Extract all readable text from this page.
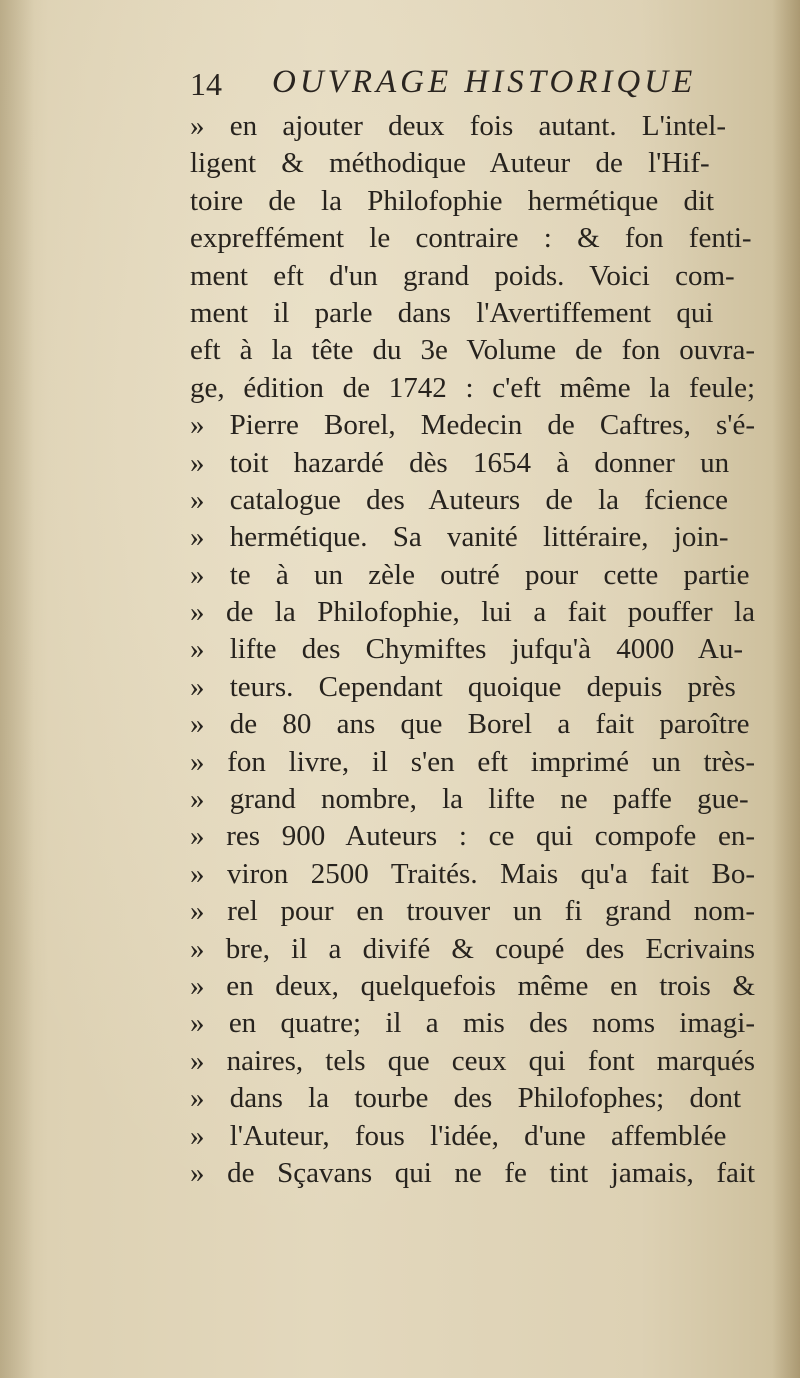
14 OUVRAGE HISTORIQUE
» en ajouter deux fois autant. L'intel-
ligent & méthodique Auteur de l'Hif-
toire de la Philofophie hermétique dit
expreffément le contraire : & fon fenti-
ment eft d'un grand poids. Voici com-
ment il parle dans l'Avertiffement qui
eft à la tête du 3e Volume de fon ouvra-
ge, édition de 1742 : c'eft même la feule;
» Pierre Borel, Medecin de Caftres, s'é-
» toit hazardé dès 1654 à donner un
» catalogue des Auteurs de la fcience
» hermétique. Sa vanité littéraire, join-
» te à un zèle outré pour cette partie
» de la Philofophie, lui a fait pouffer la
» lifte des Chymiftes jufqu'à 4000 Au-
» teurs. Cependant quoique depuis près
» de 80 ans que Borel a fait paroître
» fon livre, il s'en eft imprimé un très-
» grand nombre, la lifte ne paffe gue-
» res 900 Auteurs : ce qui compofe en-
» viron 2500 Traités. Mais qu'a fait Bo-
» rel pour en trouver un fi grand nom-
» bre, il a divifé & coupé des Ecrivains
» en deux, quelquefois même en trois &
» en quatre; il a mis des noms imagi-
» naires, tels que ceux qui font marqués
» dans la tourbe des Philofophes; dont
» l'Auteur, fous l'idée, d'une affemblée
» de Sçavans qui ne fe tint jamais, fait
